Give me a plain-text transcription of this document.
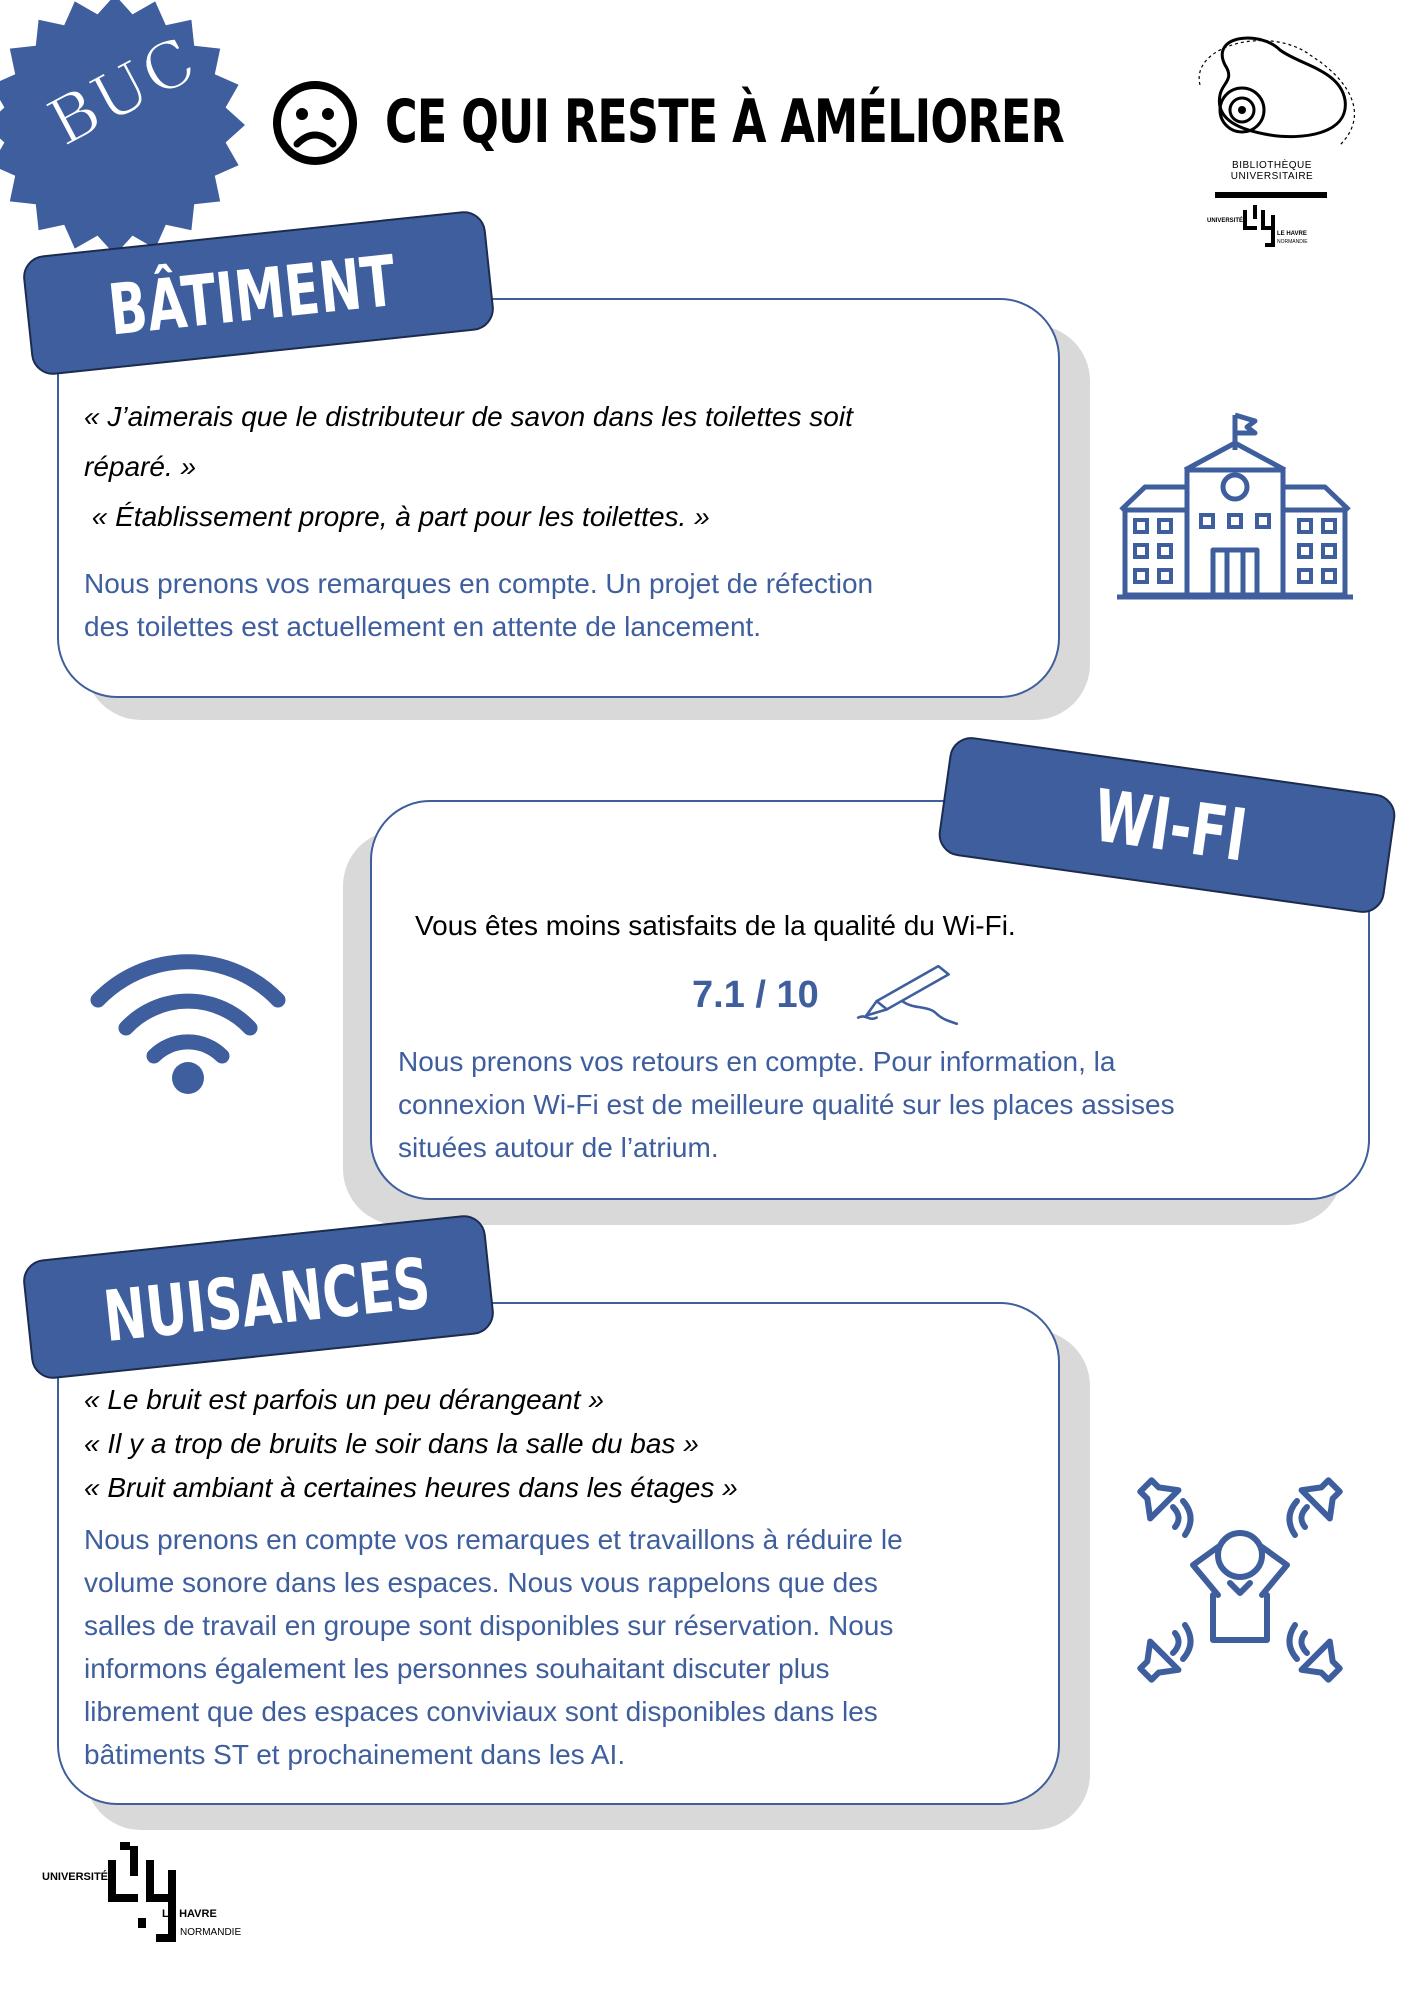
BUC	CE QUI RESTE À AMÉLIORER
BIBLIOTHÈQUE
UNIVERSITAIRE
UNIVERSITÉ
LE HAVRE
NORMANDIE
BÂTIMENT
« J’aimerais que le distributeur de savon dans les toilettes soit
réparé. »
« Établissement propre, à part pour les toilettes. »
Nous prenons vos remarques en compte. Un projet de réfection
des toilettes est actuellement en attente de lancement.
WI-FI
Vous êtes moins satisfaits de la qualité du Wi-Fi.
7.1 / 10
Nous prenons vos retours en compte. Pour information, la
connexion Wi-Fi est de meilleure qualité sur les places assises
situées autour de l’atrium.
NUISANCES
« Le bruit est parfois un peu dérangeant »
« Il y a trop de bruits le soir dans la salle du bas »
« Bruit ambiant à certaines heures dans les étages »
Nous prenons en compte vos remarques et travaillons à réduire le
volume sonore dans les espaces. Nous vous rappelons que des
salles de travail en groupe sont disponibles sur réservation. Nous
informons également les personnes souhaitant discuter plus
librement que des espaces conviviaux sont disponibles dans les
bâtiments ST et prochainement dans les AI.
UNIVERSITÉ
LE HAVRE
NORMANDIE
